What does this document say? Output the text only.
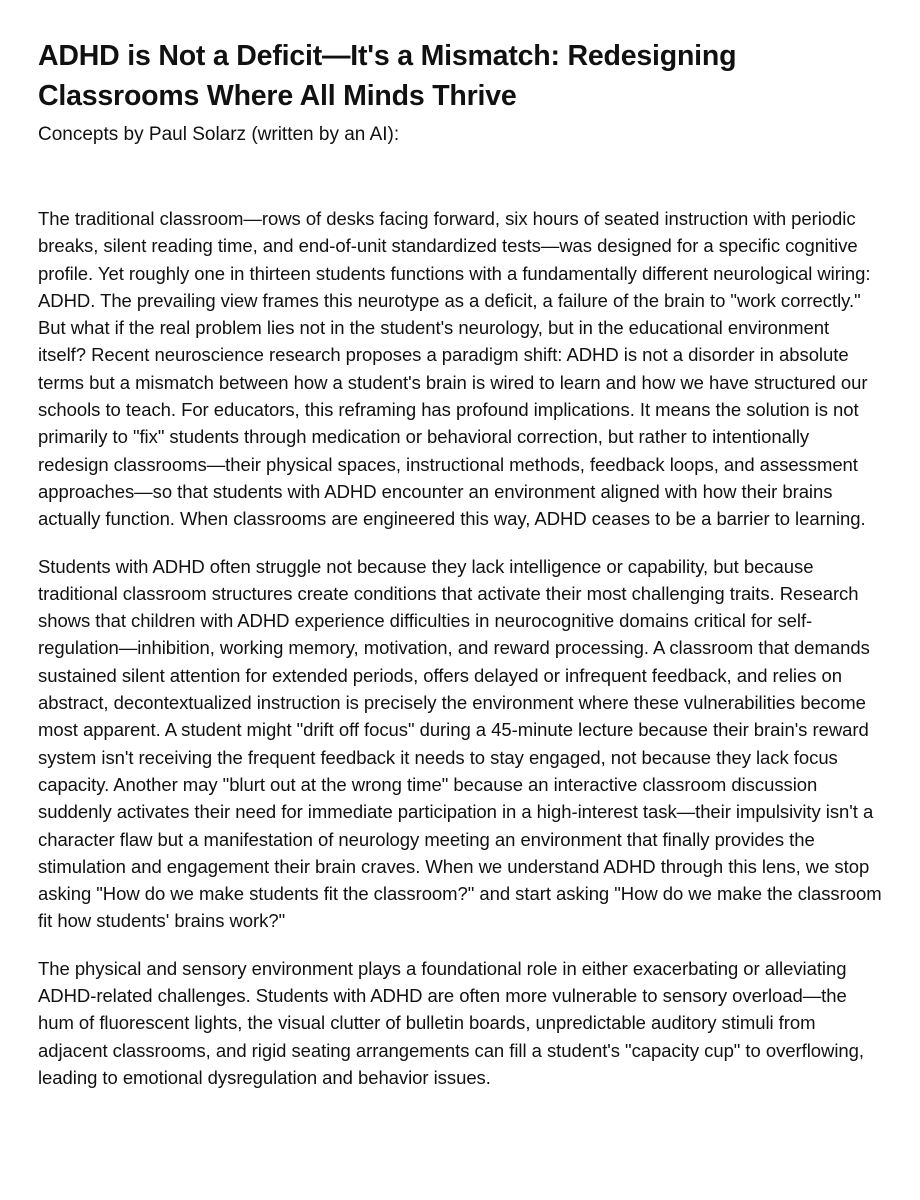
ADHD is Not a Deficit—It's a Mismatch: Redesigning Classrooms Where All Minds Thrive

Concepts by Paul Solarz (written by an AI):

The traditional classroom—rows of desks facing forward, six hours of seated instruction with periodic breaks, silent reading time, and end-of-unit standardized tests—was designed for a specific cognitive profile. Yet roughly one in thirteen students functions with a fundamentally different neurological wiring: ADHD. The prevailing view frames this neurotype as a deficit, a failure of the brain to "work correctly." But what if the real problem lies not in the student's neurology, but in the educational environment itself? Recent neuroscience research proposes a paradigm shift: ADHD is not a disorder in absolute terms but a mismatch between how a student's brain is wired to learn and how we have structured our schools to teach. For educators, this reframing has profound implications. It means the solution is not primarily to "fix" students through medication or behavioral correction, but rather to intentionally redesign classrooms—their physical spaces, instructional methods, feedback loops, and assessment approaches—so that students with ADHD encounter an environment aligned with how their brains actually function. When classrooms are engineered this way, ADHD ceases to be a barrier to learning.

Students with ADHD often struggle not because they lack intelligence or capability, but because traditional classroom structures create conditions that activate their most challenging traits. Research shows that children with ADHD experience difficulties in neurocognitive domains critical for self-regulation—inhibition, working memory, motivation, and reward processing. A classroom that demands sustained silent attention for extended periods, offers delayed or infrequent feedback, and relies on abstract, decontextualized instruction is precisely the environment where these vulnerabilities become most apparent. A student might "drift off focus" during a 45-minute lecture because their brain's reward system isn't receiving the frequent feedback it needs to stay engaged, not because they lack focus capacity. Another may "blurt out at the wrong time" because an interactive classroom discussion suddenly activates their need for immediate participation in a high-interest task—their impulsivity isn't a character flaw but a manifestation of neurology meeting an environment that finally provides the stimulation and engagement their brain craves. When we understand ADHD through this lens, we stop asking "How do we make students fit the classroom?" and start asking "How do we make the classroom fit how students' brains work?"

The physical and sensory environment plays a foundational role in either exacerbating or alleviating ADHD-related challenges. Students with ADHD are often more vulnerable to sensory overload—the hum of fluorescent lights, the visual clutter of bulletin boards, unpredictable auditory stimuli from adjacent classrooms, and rigid seating arrangements can fill a student's "capacity cup" to overflowing, leading to emotional dysregulation and behavior issues.
